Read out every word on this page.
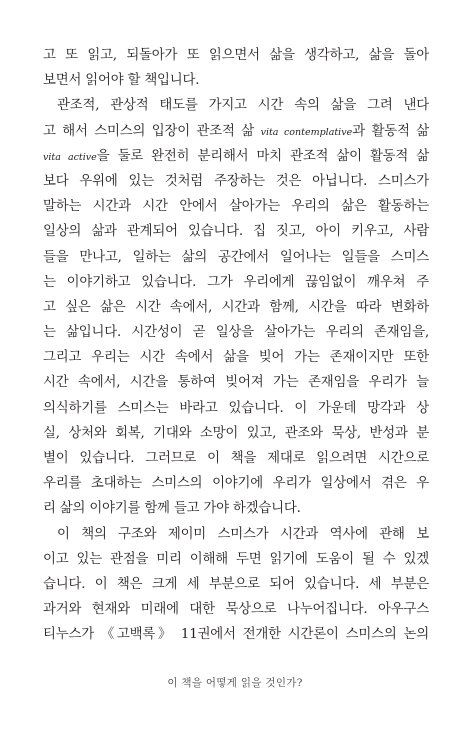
고 또 읽고, 되돌아가 또 읽으면서 삶을 생각하고, 삶을 돌아
보면서 읽어야 할 책입니다.
관조적, 관상적 태도를 가지고 시간 속의 삶을 그려 낸다
고 해서 스미스의 입장이 관조적 삶 vita contemplative과 활동적 삶
vita active을 둘로 완전히 분리해서 마치 관조적 삶이 활동적 삶
보다 우위에 있는 것처럼 주장하는 것은 아닙니다. 스미스가
말하는 시간과 시간 안에서 살아가는 우리의 삶은 활동하는
일상의 삶과 관계되어 있습니다. 집 짓고, 아이 키우고, 사람
들을 만나고, 일하는 삶의 공간에서 일어나는 일들을 스미스
는 이야기하고 있습니다. 그가 우리에게 끊임없이 깨우쳐 주
고 싶은 삶은 시간 속에서, 시간과 함께, 시간을 따라 변화하
는 삶입니다. 시간성이 곧 일상을 살아가는 우리의 존재임을,
그리고 우리는 시간 속에서 삶을 빚어 가는 존재이지만 또한
시간 속에서, 시간을 통하여 빚어져 가는 존재임을 우리가 늘
의식하기를 스미스는 바라고 있습니다. 이 가운데 망각과 상
실, 상처와 회복, 기대와 소망이 있고, 관조와 묵상, 반성과 분
별이 있습니다. 그러므로 이 책을 제대로 읽으려면 시간으로
우리를 초대하는 스미스의 이야기에 우리가 일상에서 겪은 우
리 삶의 이야기를 함께 들고 가야 하겠습니다.
이 책의 구조와 제이미 스미스가 시간과 역사에 관해 보
이고 있는 관점을 미리 이해해 두면 읽기에 도움이 될 수 있겠
습니다. 이 책은 크게 세 부분으로 되어 있습니다. 세 부분은
과거와 현재와 미래에 대한 묵상으로 나누어집니다. 아우구스
티누스가 《고백록》 11권에서 전개한 시간론이 스미스의 논의
이 책을 어떻게 읽을 것인가?
